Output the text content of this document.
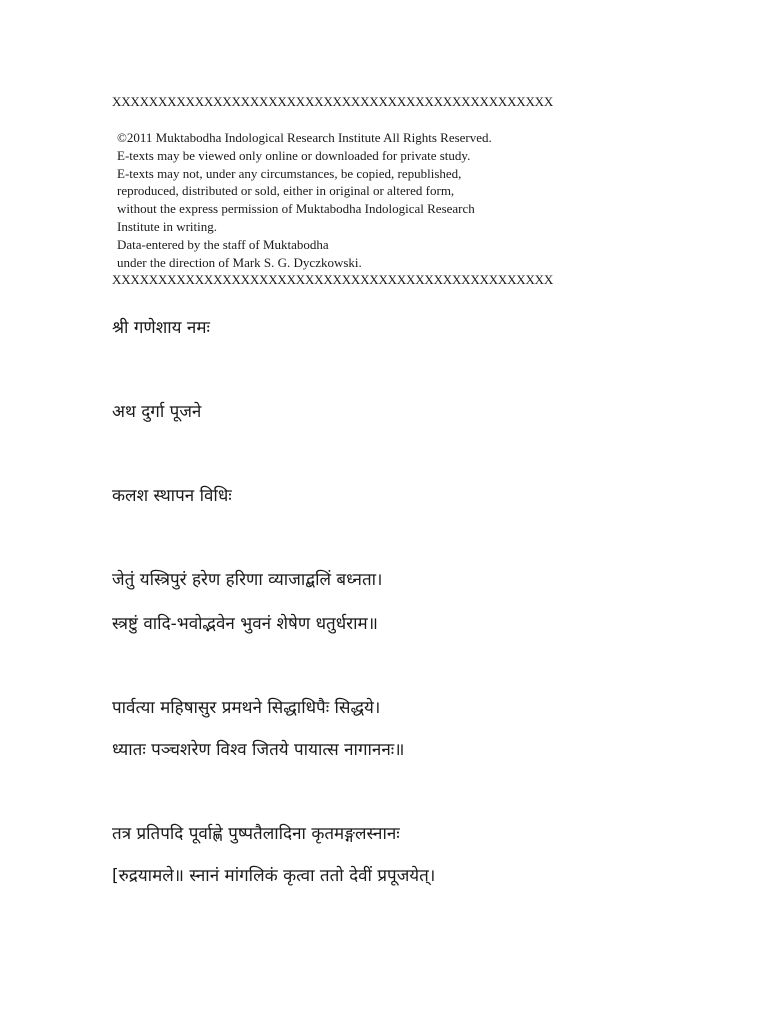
XXXXXXXXXXXXXXXXXXXXXXXXXXXXXXXXXXXXXXXXXXXXXXXX
©2011 Muktabodha Indological Research Institute All Rights Reserved.
E-texts may be viewed only online or downloaded for private study.
E-texts may not, under any circumstances, be copied, republished,
reproduced, distributed or sold, either in original or altered form,
without the express permission of Muktabodha Indological Research
Institute in writing.
Data-entered by the staff of Muktabodha
under the direction of Mark S. G. Dyczkowski.
XXXXXXXXXXXXXXXXXXXXXXXXXXXXXXXXXXXXXXXXXXXXXXXX
श्री गणेशाय नमः
अथ दुर्गा पूजने
कलश स्थापन विधिः
जेतुं यस्त्रिपुरं हरेण हरिणा व्याजाद्बलिं बध्नता।
स्त्रष्टुं वादि-भवोद्भवेन भुवनं शेषेण धतुर्धराम॥
पार्वत्या महिषासुर प्रमथने सिद्धाधिपैः सिद्धये।
ध्यातः पञ्चशरेण विश्व जितये पायात्स नागाननः॥
तत्र प्रतिपदि पूर्वाह्णे पुष्पतैलादिना कृतमङ्गलस्नानः
[रुद्रयामले॥ स्नानं मांगलिकं कृत्वा ततो देवीं प्रपूजयेत्।
